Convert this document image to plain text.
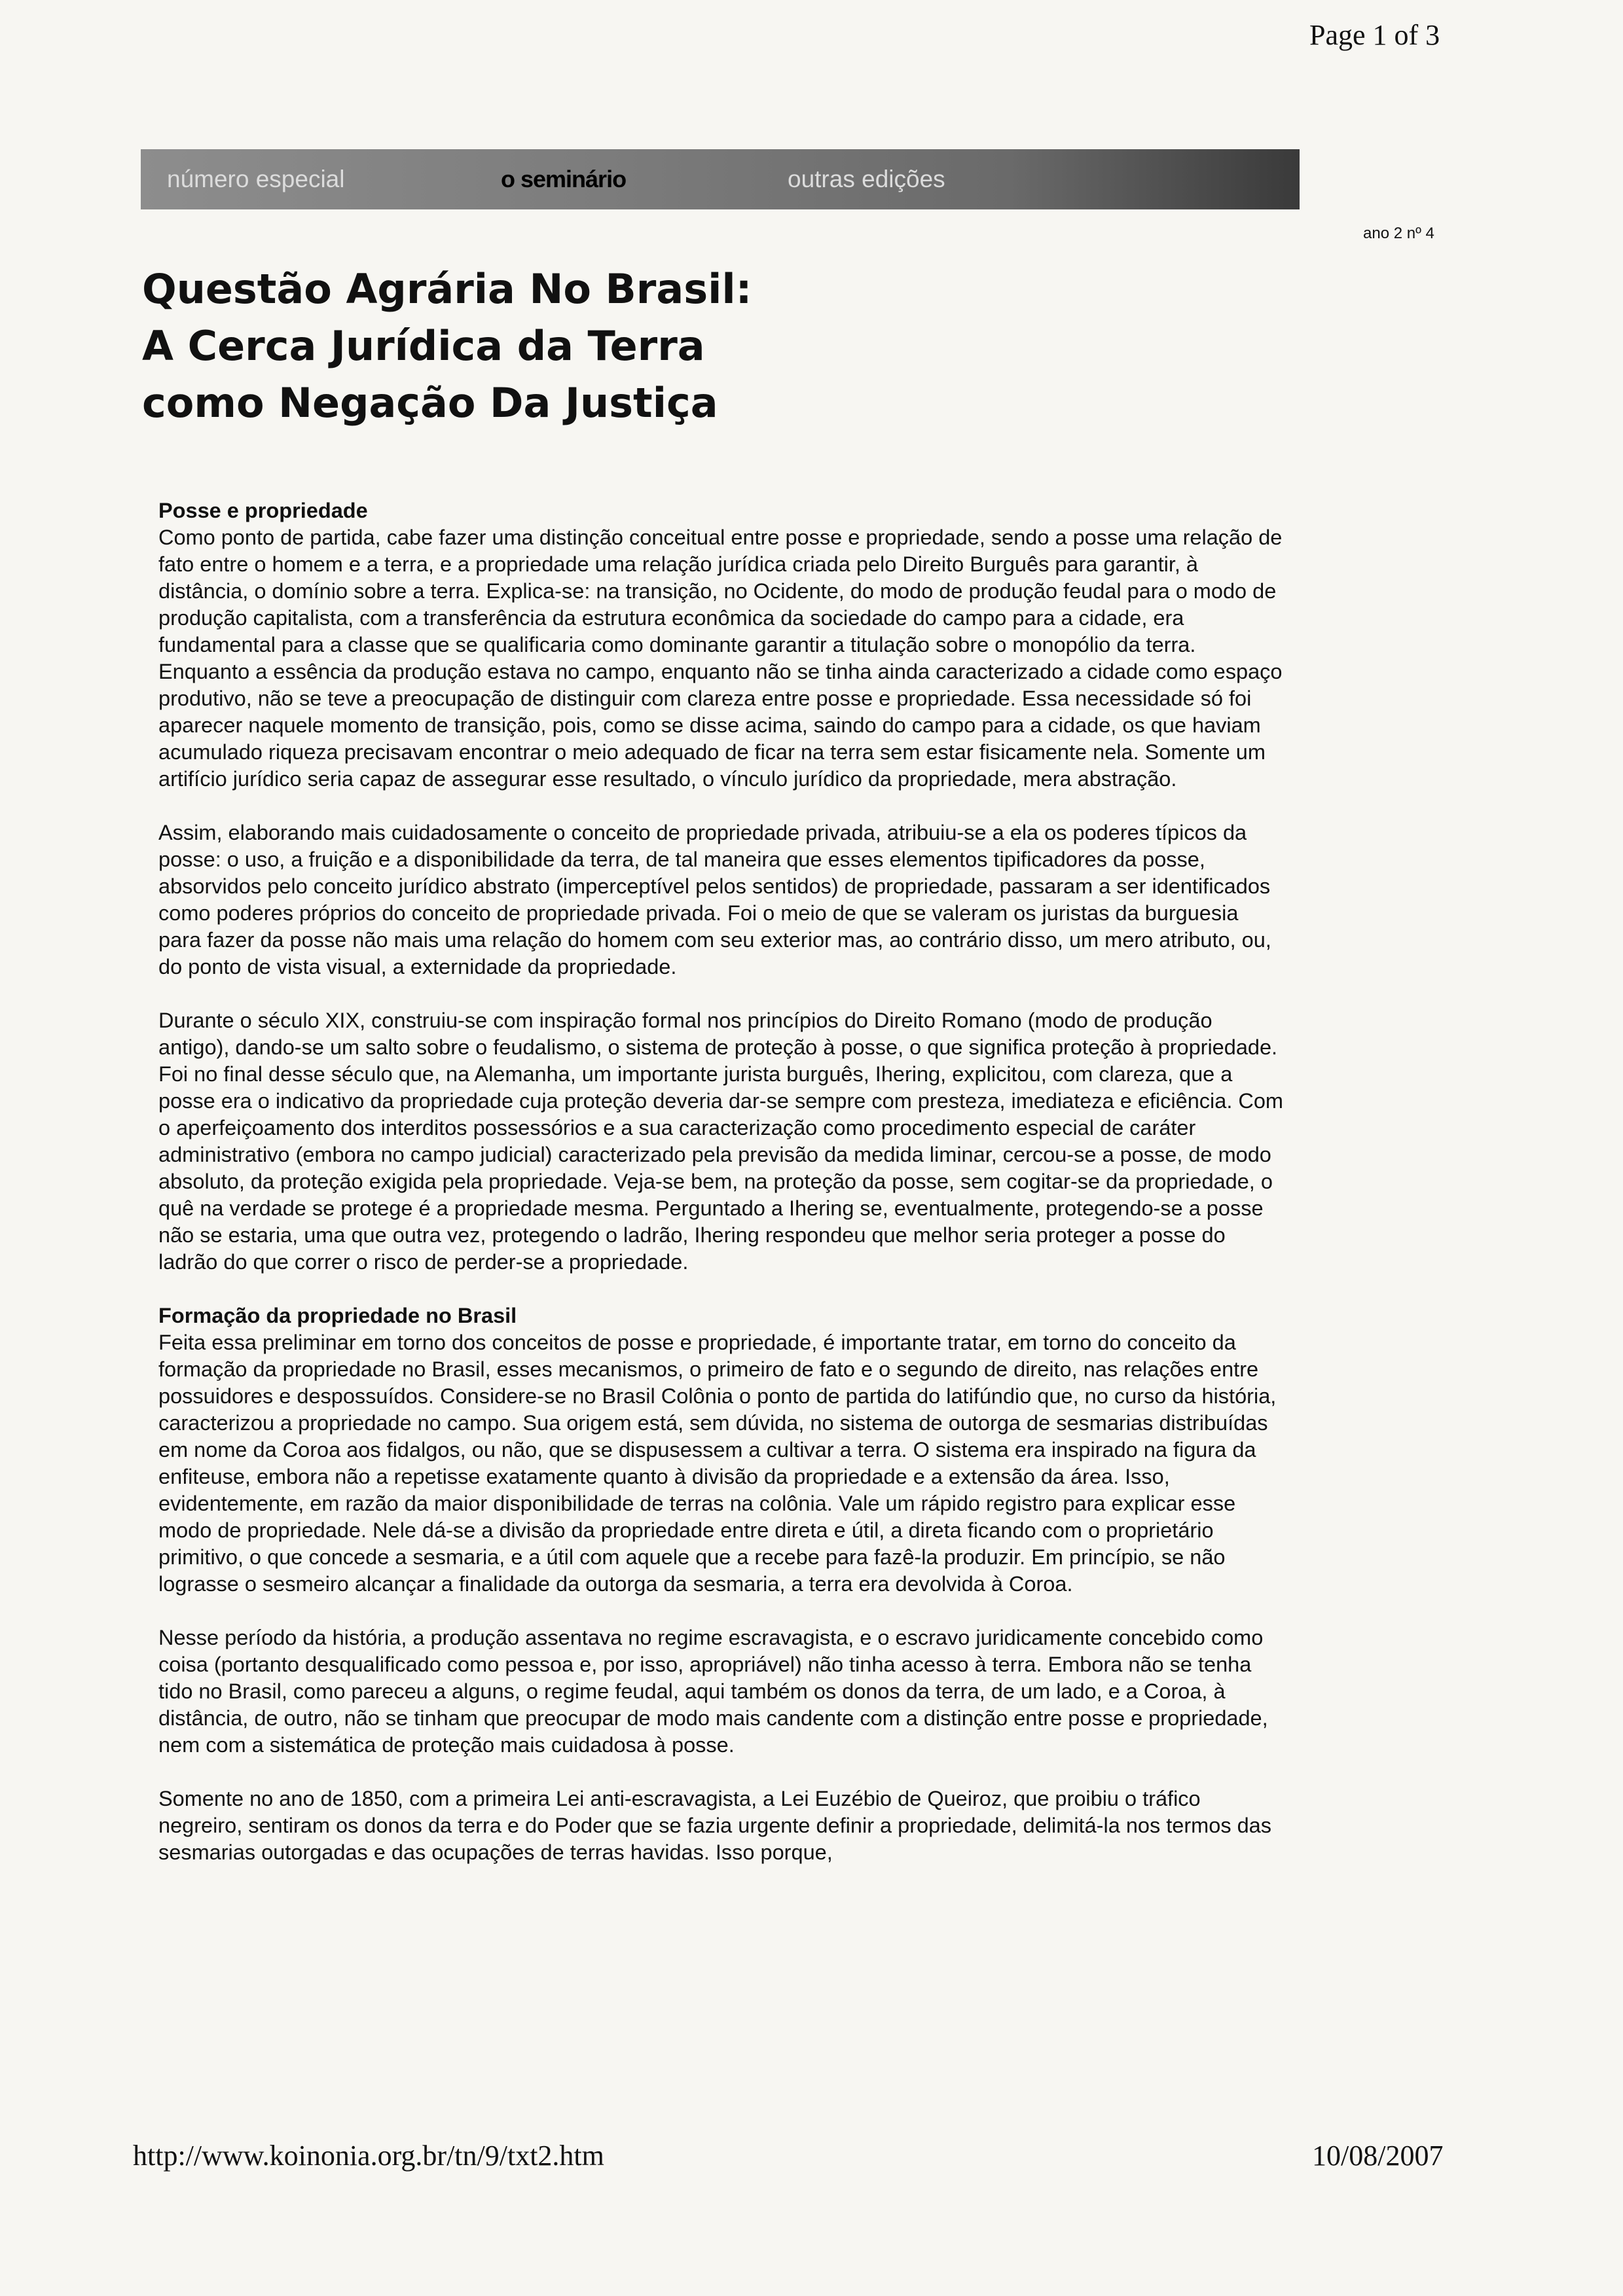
Page 1 of 3
número especial	o seminário	outras edições
ano 2 nº 4
Questão Agrária No Brasil:
A Cerca Jurídica da Terra
como Negação Da Justiça
Posse e propriedade

Como ponto de partida, cabe fazer uma distinção conceitual entre posse e propriedade, sendo a posse uma relação de fato entre o homem e a terra, e a propriedade uma relação jurídica criada pelo Direito Burguês para garantir, à distância, o domínio sobre a terra. Explica-se: na transição, no Ocidente, do modo de produção feudal para o modo de produção capitalista, com a transferência da estrutura econômica da sociedade do campo para a cidade, era fundamental para a classe que se qualificaria como dominante garantir a titulação sobre o monopólio da terra. Enquanto a essência da produção estava no campo, enquanto não se tinha ainda caracterizado a cidade como espaço produtivo, não se teve a preocupação de distinguir com clareza entre posse e propriedade. Essa necessidade só foi aparecer naquele momento de transição, pois, como se disse acima, saindo do campo para a cidade, os que haviam acumulado riqueza precisavam encontrar o meio adequado de ficar na terra sem estar fisicamente nela. Somente um artifício jurídico seria capaz de assegurar esse resultado, o vínculo jurídico da propriedade, mera abstração.

Assim, elaborando mais cuidadosamente o conceito de propriedade privada, atribuiu-se a ela os poderes típicos da posse: o uso, a fruição e a disponibilidade da terra, de tal maneira que esses elementos tipificadores da posse, absorvidos pelo conceito jurídico abstrato (imperceptível pelos sentidos) de propriedade, passaram a ser identificados como poderes próprios do conceito de propriedade privada. Foi o meio de que se valeram os juristas da burguesia para fazer da posse não mais uma relação do homem com seu exterior mas, ao contrário disso, um mero atributo, ou, do ponto de vista visual, a externidade da propriedade.

Durante o século XIX, construiu-se com inspiração formal nos princípios do Direito Romano (modo de produção antigo), dando-se um salto sobre o feudalismo, o sistema de proteção à posse, o que significa proteção à propriedade. Foi no final desse século que, na Alemanha, um importante jurista burguês, Ihering, explicitou, com clareza, que a posse era o indicativo da propriedade cuja proteção deveria dar-se sempre com presteza, imediateza e eficiência. Com o aperfeiçoamento dos interditos possessórios e a sua caracterização como procedimento especial de caráter administrativo (embora no campo judicial) caracterizado pela previsão da medida liminar, cercou-se a posse, de modo absoluto, da proteção exigida pela propriedade. Veja-se bem, na proteção da posse, sem cogitar-se da propriedade, o quê na verdade se protege é a propriedade mesma. Perguntado a Ihering se, eventualmente, protegendo-se a posse não se estaria, uma que outra vez, protegendo o ladrão, Ihering respondeu que melhor seria proteger a posse do ladrão do que correr o risco de perder-se a propriedade.

Formação da propriedade no Brasil

Feita essa preliminar em torno dos conceitos de posse e propriedade, é importante tratar, em torno do conceito da formação da propriedade no Brasil, esses mecanismos, o primeiro de fato e o segundo de direito, nas relações entre possuidores e despossuídos. Considere-se no Brasil Colônia o ponto de partida do latifúndio que, no curso da história, caracterizou a propriedade no campo. Sua origem está, sem dúvida, no sistema de outorga de sesmarias distribuídas em nome da Coroa aos fidalgos, ou não, que se dispusessem a cultivar a terra. O sistema era inspirado na figura da enfiteuse, embora não a repetisse exatamente quanto à divisão da propriedade e a extensão da área. Isso, evidentemente, em razão da maior disponibilidade de terras na colônia. Vale um rápido registro para explicar esse modo de propriedade. Nele dá-se a divisão da propriedade entre direta e útil, a direta ficando com o proprietário primitivo, o que concede a sesmaria, e a útil com aquele que a recebe para fazê-la produzir. Em princípio, se não lograsse o sesmeiro alcançar a finalidade da outorga da sesmaria, a terra era devolvida à Coroa.

Nesse período da história, a produção assentava no regime escravagista, e o escravo juridicamente concebido como coisa (portanto desqualificado como pessoa e, por isso, apropriável) não tinha acesso à terra. Embora não se tenha tido no Brasil, como pareceu a alguns, o regime feudal, aqui também os donos da terra, de um lado, e a Coroa, à distância, de outro, não se tinham que preocupar de modo mais candente com a distinção entre posse e propriedade, nem com a sistemática de proteção mais cuidadosa à posse.

Somente no ano de 1850, com a primeira Lei anti-escravagista, a Lei Euzébio de Queiroz, que proibiu o tráfico negreiro, sentiram os donos da terra e do Poder que se fazia urgente definir a propriedade, delimitá-la nos termos das sesmarias outorgadas e das ocupações de terras havidas. Isso porque,

http://www.koinonia.org.br/tn/9/txt2.htm	10/08/2007
